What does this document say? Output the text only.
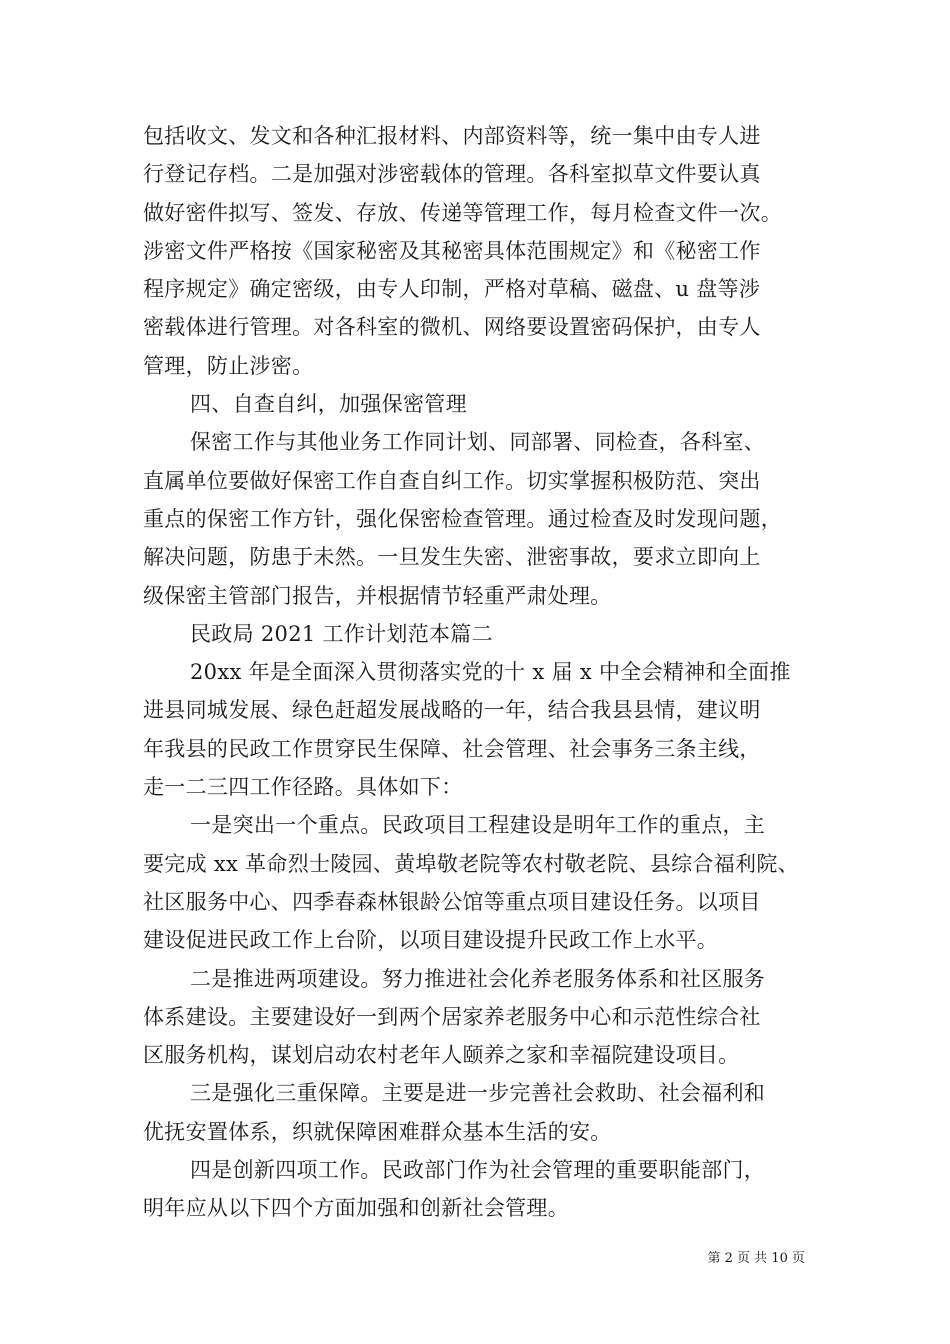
包括收文、发文和各种汇报材料、内部资料等，统一集中由专人进
行登记存档。二是加强对涉密载体的管理。各科室拟草文件要认真
做好密件拟写、签发、存放、传递等管理工作，每月检查文件一次。
涉密文件严格按《国家秘密及其秘密具体范围规定》和《秘密工作
程序规定》确定密级，由专人印制，严格对草稿、磁盘、u 盘等涉
密载体进行管理。对各科室的微机、网络要设置密码保护，由专人
管理，防止涉密。
四、自查自纠，加强保密管理
保密工作与其他业务工作同计划、同部署、同检查，各科室、
直属单位要做好保密工作自查自纠工作。切实掌握积极防范、突出
重点的保密工作方针，强化保密检查管理。通过检查及时发现问题，
解决问题，防患于未然。一旦发生失密、泄密事故，要求立即向上
级保密主管部门报告，并根据情节轻重严肃处理。
民政局 2021 工作计划范本篇二
20xx 年是全面深入贯彻落实党的十 x 届 x 中全会精神和全面推
进县同城发展、绿色赶超发展战略的一年，结合我县县情，建议明
年我县的民政工作贯穿民生保障、社会管理、社会事务三条主线，
走一二三四工作径路。具体如下：
一是突出一个重点。民政项目工程建设是明年工作的重点，主
要完成 xx 革命烈士陵园、黄埠敬老院等农村敬老院、县综合福利院、
社区服务中心、四季春森林银龄公馆等重点项目建设任务。以项目
建设促进民政工作上台阶，以项目建设提升民政工作上水平。
二是推进两项建设。努力推进社会化养老服务体系和社区服务
体系建设。主要建设好一到两个居家养老服务中心和示范性综合社
区服务机构，谋划启动农村老年人颐养之家和幸福院建设项目。
三是强化三重保障。主要是进一步完善社会救助、社会福利和
优抚安置体系，织就保障困难群众基本生活的安。
四是创新四项工作。民政部门作为社会管理的重要职能部门，
明年应从以下四个方面加强和创新社会管理。
第 2 页 共 10 页
